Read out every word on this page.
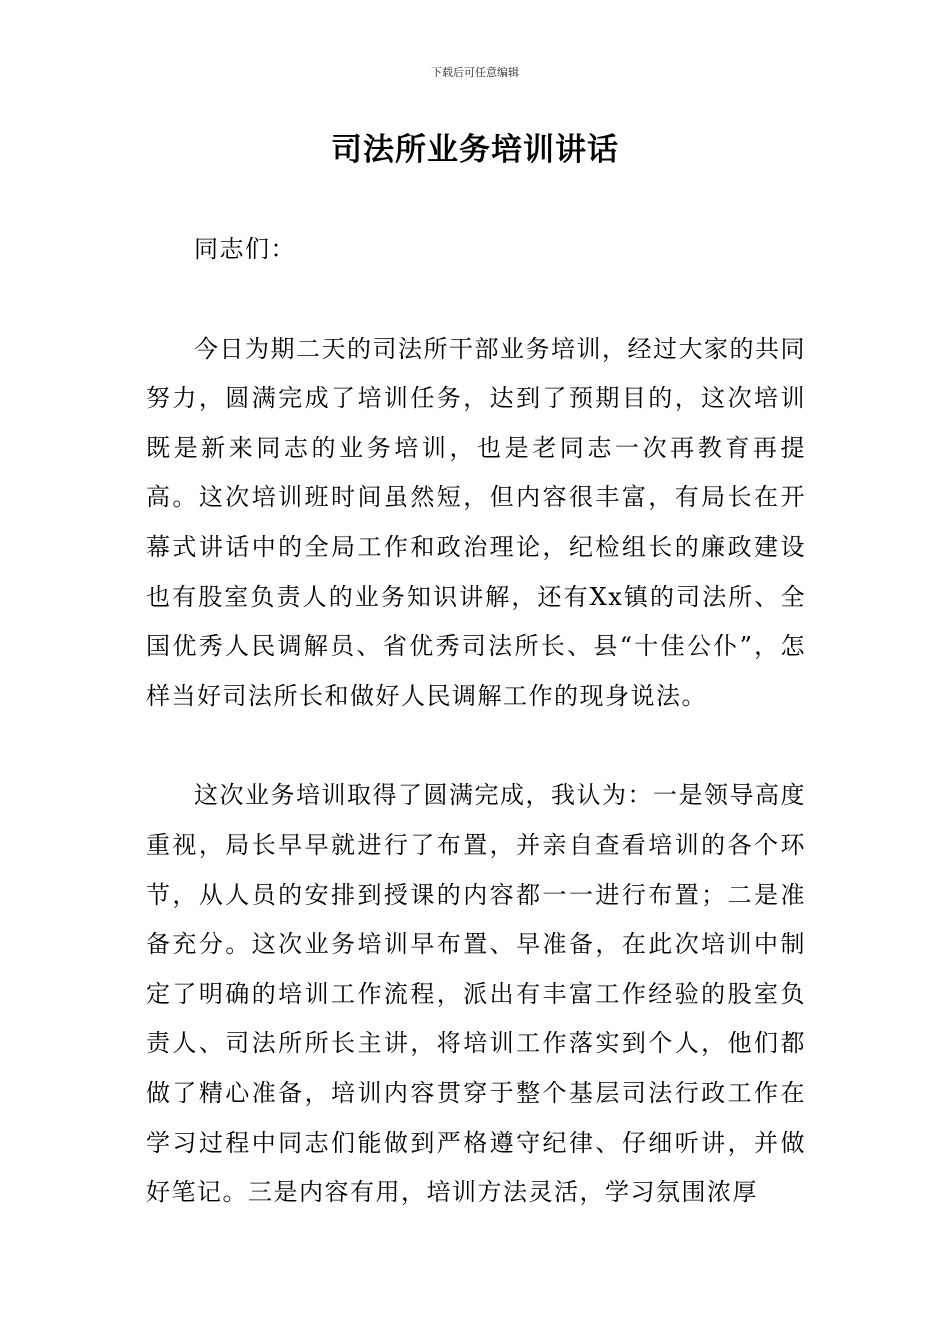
下载后可任意编辑
司法所业务培训讲话

同志们：

今日为期二天的司法所干部业务培训，经过大家的共同努力，圆满完成了培训任务，达到了预期目的，这次培训既是新来同志的业务培训，也是老同志一次再教育再提高。这次培训班时间虽然短，但内容很丰富，有局长在开幕式讲话中的全局工作和政治理论，纪检组长的廉政建设也有股室负责人的业务知识讲解，还有Xx镇的司法所、全国优秀人民调解员、省优秀司法所长、县“十佳公仆”，怎样当好司法所长和做好人民调解工作的现身说法。

这次业务培训取得了圆满完成，我认为：一是领导高度重视，局长早早就进行了布置，并亲自查看培训的各个环节，从人员的安排到授课的内容都一一进行布置；二是准备充分。这次业务培训早布置、早准备，在此次培训中制定了明确的培训工作流程，派出有丰富工作经验的股室负责人、司法所所长主讲，将培训工作落实到个人，他们都做了精心准备，培训内容贯穿于整个基层司法行政工作在学习过程中同志们能做到严格遵守纪律、仔细听讲，并做好笔记。三是内容有用，培训方法灵活，学习氛围浓厚
